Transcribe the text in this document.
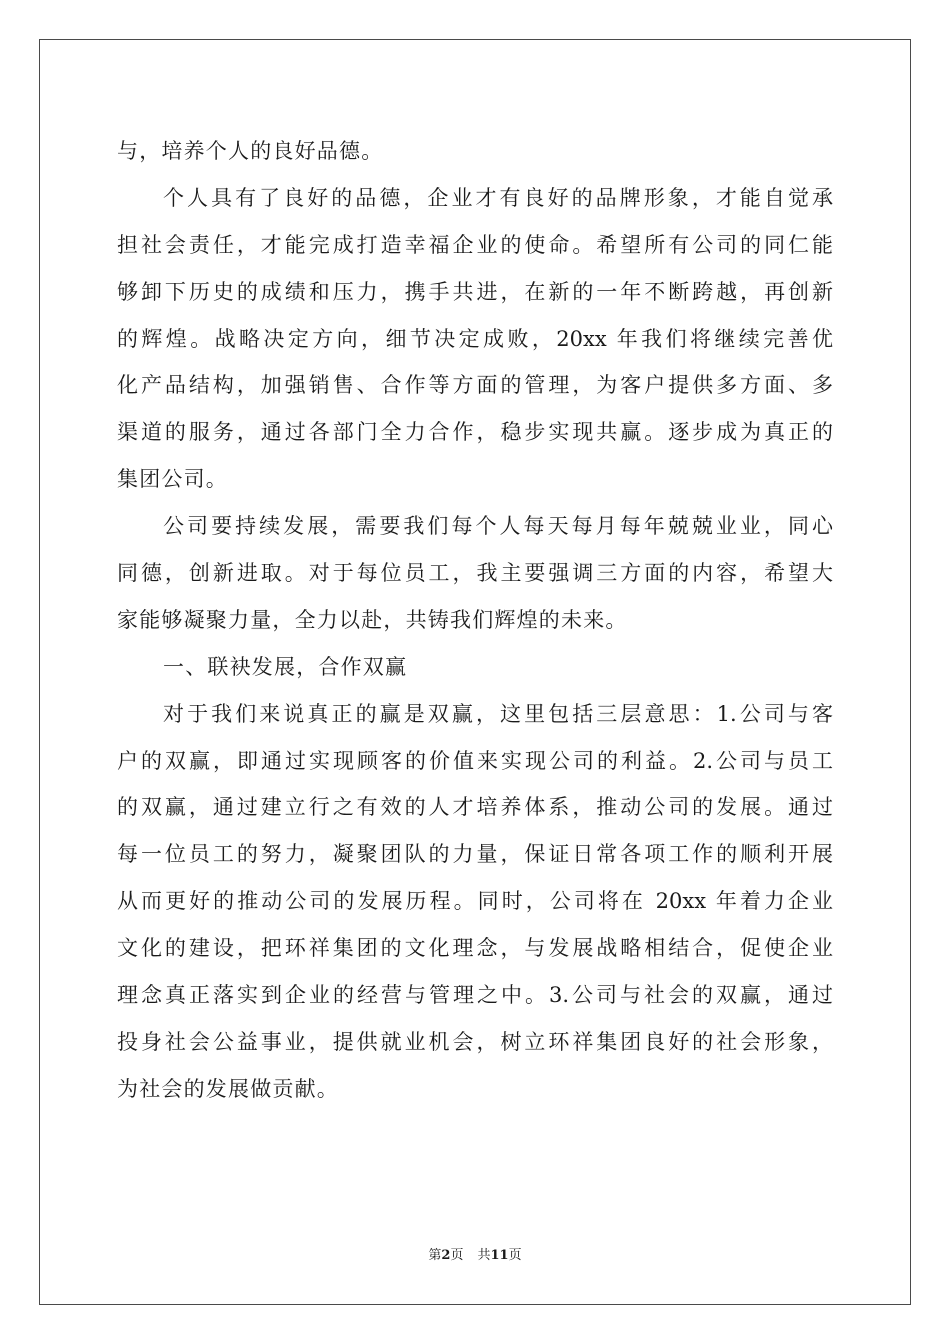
与，培养个人的良好品德。
个人具有了良好的品德，企业才有良好的品牌形象，才能自觉承
担社会责任，才能完成打造幸福企业的使命。希望所有公司的同仁能
够卸下历史的成绩和压力，携手共进，在新的一年不断跨越，再创新
的辉煌。战略决定方向，细节决定成败，20xx 年我们将继续完善优
化产品结构，加强销售、合作等方面的管理，为客户提供多方面、多
渠道的服务，通过各部门全力合作，稳步实现共赢。逐步成为真正的
集团公司。
公司要持续发展，需要我们每个人每天每月每年兢兢业业，同心
同德，创新进取。对于每位员工，我主要强调三方面的内容，希望大
家能够凝聚力量，全力以赴，共铸我们辉煌的未来。
一、联袂发展，合作双赢
对于我们来说真正的赢是双赢，这里包括三层意思：1.公司与客
户的双赢，即通过实现顾客的价值来实现公司的利益。2.公司与员工
的双赢，通过建立行之有效的人才培养体系，推动公司的发展。通过
每一位员工的努力，凝聚团队的力量，保证日常各项工作的顺利开展
从而更好的推动公司的发展历程。同时，公司将在 20xx 年着力企业
文化的建设，把环祥集团的文化理念，与发展战略相结合，促使企业
理念真正落实到企业的经营与管理之中。3.公司与社会的双赢，通过
投身社会公益事业，提供就业机会，树立环祥集团良好的社会形象，
为社会的发展做贡献。
第2页 共11页
